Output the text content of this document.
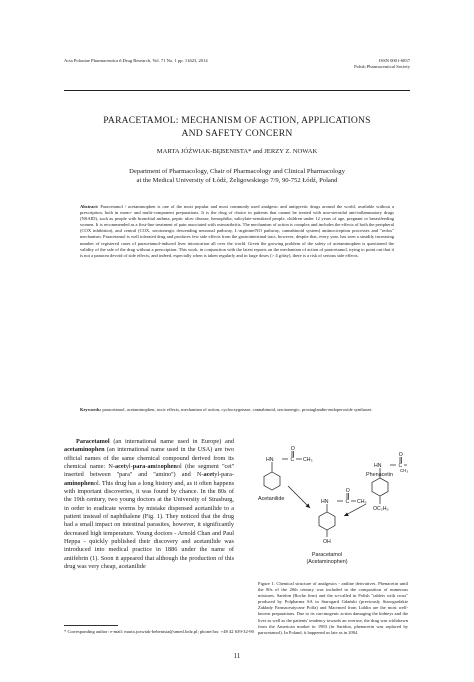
Acta Poloniae Pharmaceutica ñ Drug Research, Vol. 71 No. 1 pp. 11ñ23, 2014	ISSN 0001-6837
Polish Pharmaceutical Society
PARACETAMOL: MECHANISM OF ACTION, APPLICATIONS
AND SAFETY CONCERN
MARTA JÓŹWIAK-BĘBENISTA* and JERZY Z. NOWAK
Department of Pharmacology, Chair of Pharmacology and Clinical Pharmacology
at the Medical University of Łódź, Żeligowskiego 7/9, 90-752 Łódź, Poland
Abstract: Paracetamol / acetaminophen is one of the most popular and most commonly used analgesic and antipyretic drugs around the world, available without a prescription, both in mono- and multi-component preparations. It is the drug of choice in patients that cannot be treated with non-steroidal anti-inflammatory drugs (NSAID), such as people with bronchial asthma, peptic ulcer disease, hemophilia, salicylate-sensitized people, children under 12 years of age, pregnant or breastfeeding women. It is recommended as a first-line treatment of pain associated with osteoarthritis. The mechanism of action is complex and includes the effects of both the peripheral (COX inhibition), and central (COX, serotonergic descending neuronal pathway, L-arginine/NO pathway, cannabinoid system) antinociception processes and "redox" mechanism. Paracetamol is well tolerated drug and produces few side effects from the gastrointestinal tract, however, despite that, every year, has seen a steadily increasing number of registered cases of paracetamol-induced liver intoxication all over the world. Given the growing problem of the safety of acetaminophen is questioned the validity of the sale of the drug without a prescription. This work, in conjunction with the latest reports on the mechanism of action of paracetamol, trying to point out that it is not a panacea devoid of side effects, and indeed, especially when is taken regularly and in large doses (> 4 g/day), there is a risk of serious side effects.
Keywords: paracetamol, acetaminophen, toxic effects, mechanism of action, cyclooxygenase, cannabinoid, serotonergic, prostaglandin-endoperoxide synthases

Paracetamol (an international name used in Europe) and acetaminophen (an international name used in the USA) are two official names of the same chemical compound derived from its chemical name: N-acetyl-para-aminophenol (the segment ''cet'' inserted between ''para'' and ''amino'') and N-acetyl-para-aminophenol. This drug has a long history and, as it often happens with important discoveries, it was found by chance. In the 80s of the 19th century, two young doctors at the University of Strasburg, in order to eradicate worms by mistake dispensed acetanilide to a patient instead of naphthalene (Fig. 1). They noticed that the drug had a small impact on intestinal parasites, however, it significantly decreased high temperature. Young doctors - Arnold Chan and Paul Heppa - quickly published their discovery and acetanilide was introduced into medical practice in 1886 under the name of antifebrin (1). Soon it appeared that although the production of this drug was very cheap, acetanilide

HN	C
O
CH₃
Acetanilide
HN	C
O
CH₃
OC₂H₅
Phenacetin
HN	C
O
CH₃
OH
Paracetamol
(Acetaminophen)
Figure 1. Chemical structure of analgesics - aniline derivatives. Phenacetin until the 80s of the 20th century was included in the composition of numerous mixtures. Saridon (Roche firm) and the so-called in Polish "tablets with cross" produced by Polpharma SA in Starogard Gdański (previously Starogardzkie Zakłady Farmaceutyczne Polfa) and Macrmed from Lublin are the most well-known preparations. Due to its carcinogenic action damaging the kidneys and the liver as well as the patients' tendency towards an overuse, the drug was withdrawn from the American market in 1983 (in Saridon, phenacetin was replaced by paracetamol). In Poland, it happened as late as in 2004
* Corresponding author: e-mail: marta.jozwiak-bebenista@umed.lodz.pl; phone/fax: +48 42 639-32-90
11
